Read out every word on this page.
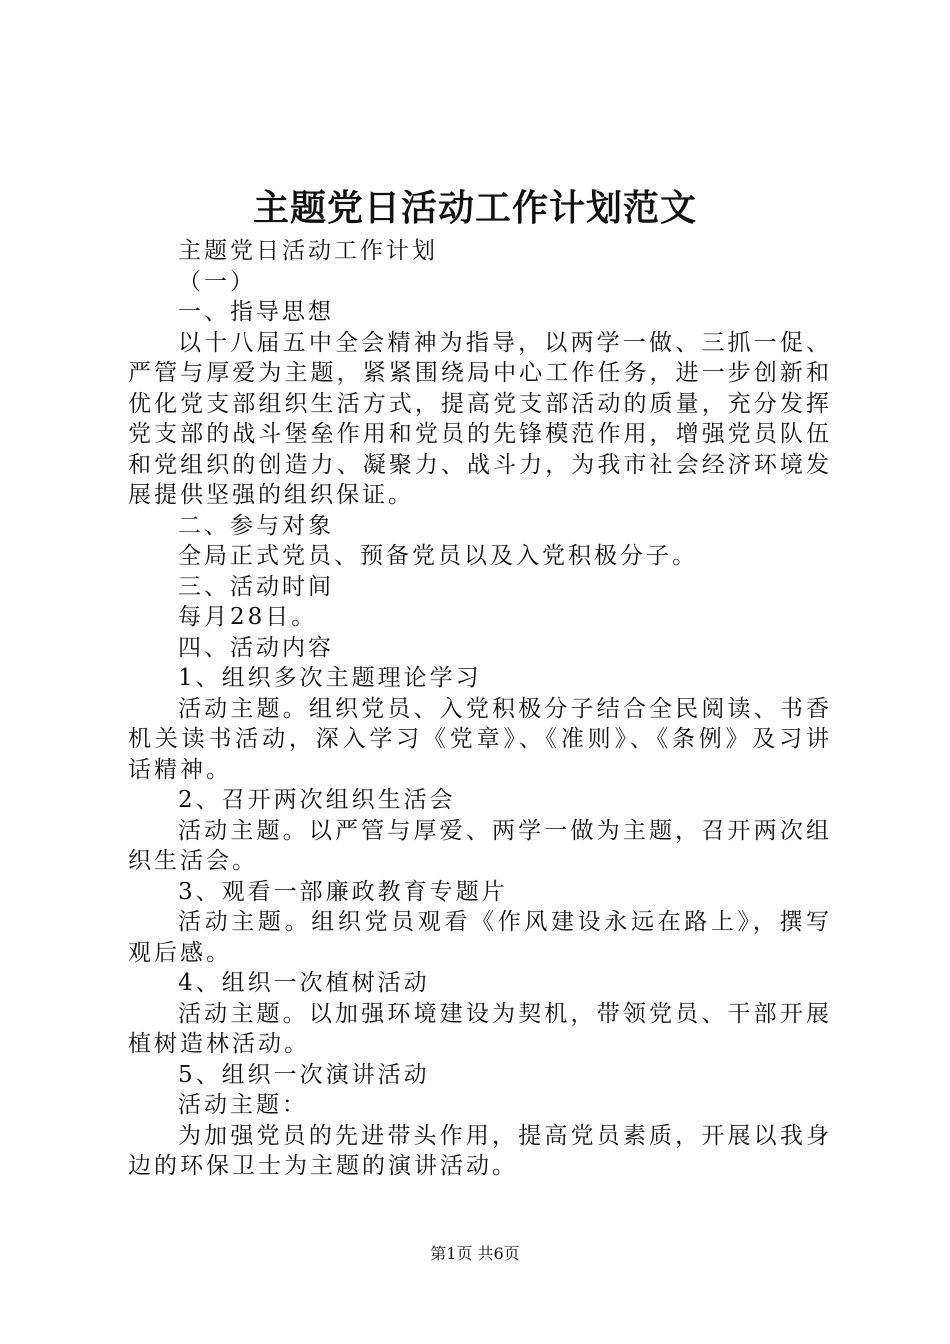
主题党日活动工作计划范文

主题党日活动工作计划

（一）

一、指导思想

以十八届五中全会精神为指导，以两学一做、三抓一促、严管与厚爱为主题，紧紧围绕局中心工作任务，进一步创新和优化党支部组织生活方式，提高党支部活动的质量，充分发挥党支部的战斗堡垒作用和党员的先锋模范作用，增强党员队伍和党组织的创造力、凝聚力、战斗力，为我市社会经济环境发展提供坚强的组织保证。

二、参与对象

全局正式党员、预备党员以及入党积极分子。

三、活动时间

每月28日。

四、活动内容

1、组织多次主题理论学习

活动主题。组织党员、入党积极分子结合全民阅读、书香机关读书活动，深入学习《党章》、《准则》、《条例》及习讲话精神。

2、召开两次组织生活会

活动主题。以严管与厚爱、两学一做为主题，召开两次组织生活会。

3、观看一部廉政教育专题片

活动主题。组织党员观看《作风建设永远在路上》，撰写观后感。

4、组织一次植树活动

活动主题。以加强环境建设为契机，带领党员、干部开展植树造林活动。

5、组织一次演讲活动

活动主题：

为加强党员的先进带头作用，提高党员素质，开展以我身边的环保卫士为主题的演讲活动。

第1页 共6页
